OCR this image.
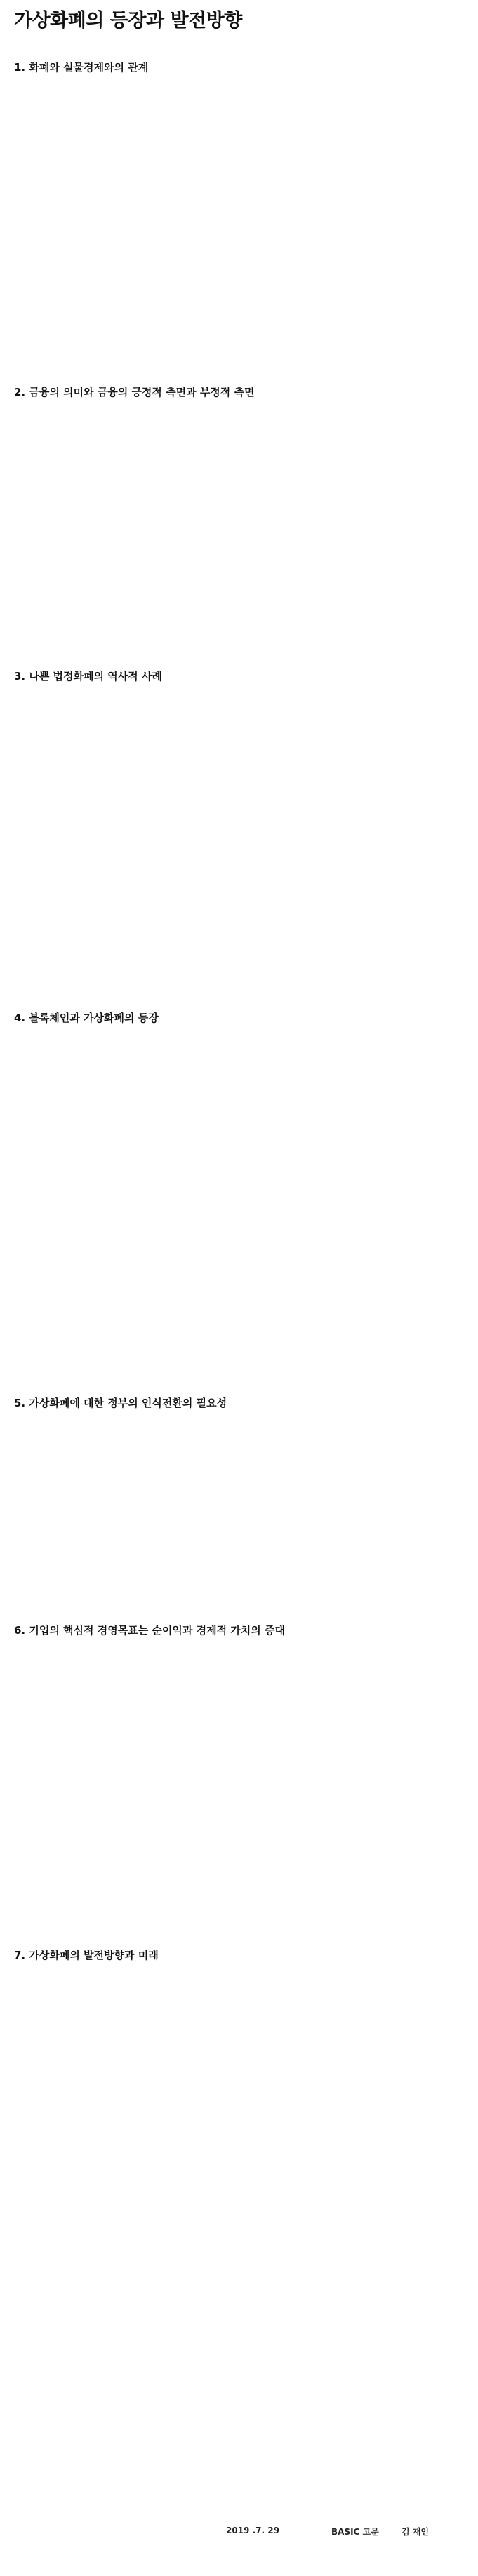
가상화폐의 등장과 발전방향
1. 화폐와 실물경제와의 관계

2. 금융의 의미와 금융의 긍정적 측면과 부정적 측면

3. 나쁜 법정화폐의 역사적 사례

4. 블록체인과 가상화폐의 등장

5. 가상화폐에 대한 정부의 인식전환의 필요성

6. 기업의 핵심적 경영목표는 순이익과 경제적 가치의 증대

7. 가상화폐의 발전방향과 미래

2019 .7. 29	BASIC 고문	김 재인
